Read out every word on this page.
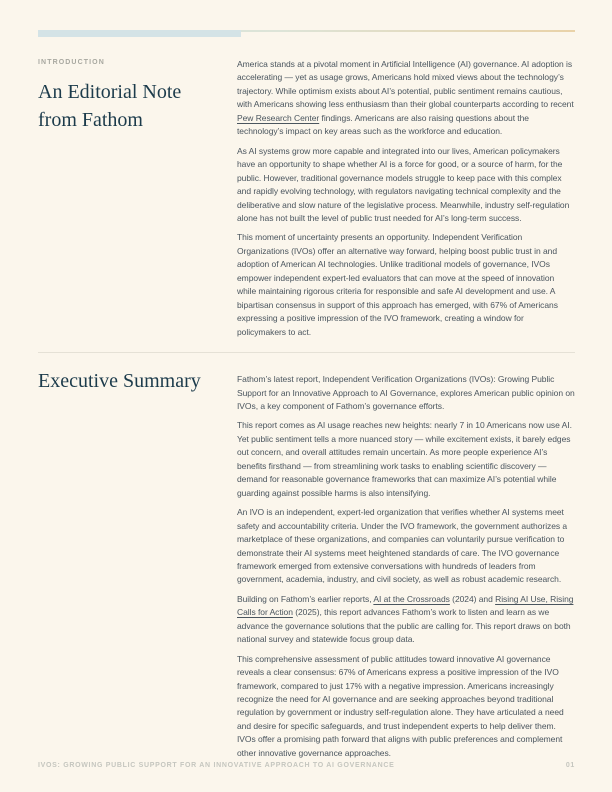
INTRODUCTION
An Editorial Note from Fathom

America stands at a pivotal moment in Artificial Intelligence (AI) governance. AI adoption is accelerating — yet as usage grows, Americans hold mixed views about the technology’s trajectory. While optimism exists about AI’s potential, public sentiment remains cautious, with Americans showing less enthusiasm than their global counterparts according to recent Pew Research Center findings. Americans are also raising questions about the technology’s impact on key areas such as the workforce and education.

As AI systems grow more capable and integrated into our lives, American policymakers have an opportunity to shape whether AI is a force for good, or a source of harm, for the public. However, traditional governance models struggle to keep pace with this complex and rapidly evolving technology, with regulators navigating technical complexity and the deliberative and slow nature of the legislative process. Meanwhile, industry self-regulation alone has not built the level of public trust needed for AI’s long-term success.

This moment of uncertainty presents an opportunity. Independent Verification Organizations (IVOs) offer an alternative way forward, helping boost public trust in and adoption of American AI technologies. Unlike traditional models of governance, IVOs empower independent expert-led evaluators that can move at the speed of innovation while maintaining rigorous criteria for responsible and safe AI development and use. A bipartisan consensus in support of this approach has emerged, with 67% of Americans expressing a positive impression of the IVO framework, creating a window for policymakers to act.

Executive Summary	Fathom’s latest report, Independent Verification Organizations (IVOs): Growing Public Support for an Innovative Approach to AI Governance, explores American public opinion on IVOs, a key component of Fathom’s governance efforts.

This report comes as AI usage reaches new heights: nearly 7 in 10 Americans now use AI. Yet public sentiment tells a more nuanced story — while excitement exists, it barely edges out concern, and overall attitudes remain uncertain. As more people experience AI’s benefits firsthand — from streamlining work tasks to enabling scientific discovery — demand for reasonable governance frameworks that can maximize AI’s potential while guarding against possible harms is also intensifying.

An IVO is an independent, expert-led organization that verifies whether AI systems meet safety and accountability criteria. Under the IVO framework, the government authorizes a marketplace of these organizations, and companies can voluntarily pursue verification to demonstrate their AI systems meet heightened standards of care. The IVO governance framework emerged from extensive conversations with hundreds of leaders from government, academia, industry, and civil society, as well as robust academic research.

Building on Fathom’s earlier reports, AI at the Crossroads (2024) and Rising AI Use, Rising Calls for Action (2025), this report advances Fathom’s work to listen and learn as we advance the governance solutions that the public are calling for. This report draws on both national survey and statewide focus group data.

This comprehensive assessment of public attitudes toward innovative AI governance reveals a clear consensus: 67% of Americans express a positive impression of the IVO framework, compared to just 17% with a negative impression. Americans increasingly recognize the need for AI governance and are seeking approaches beyond traditional regulation by government or industry self-regulation alone. They have articulated a need and desire for specific safeguards, and trust independent experts to help deliver them. IVOs offer a promising path forward that aligns with public preferences and complement other innovative governance approaches.

IVOS: GROWING PUBLIC SUPPORT FOR AN INNOVATIVE APPROACH TO AI GOVERNANCE	01
